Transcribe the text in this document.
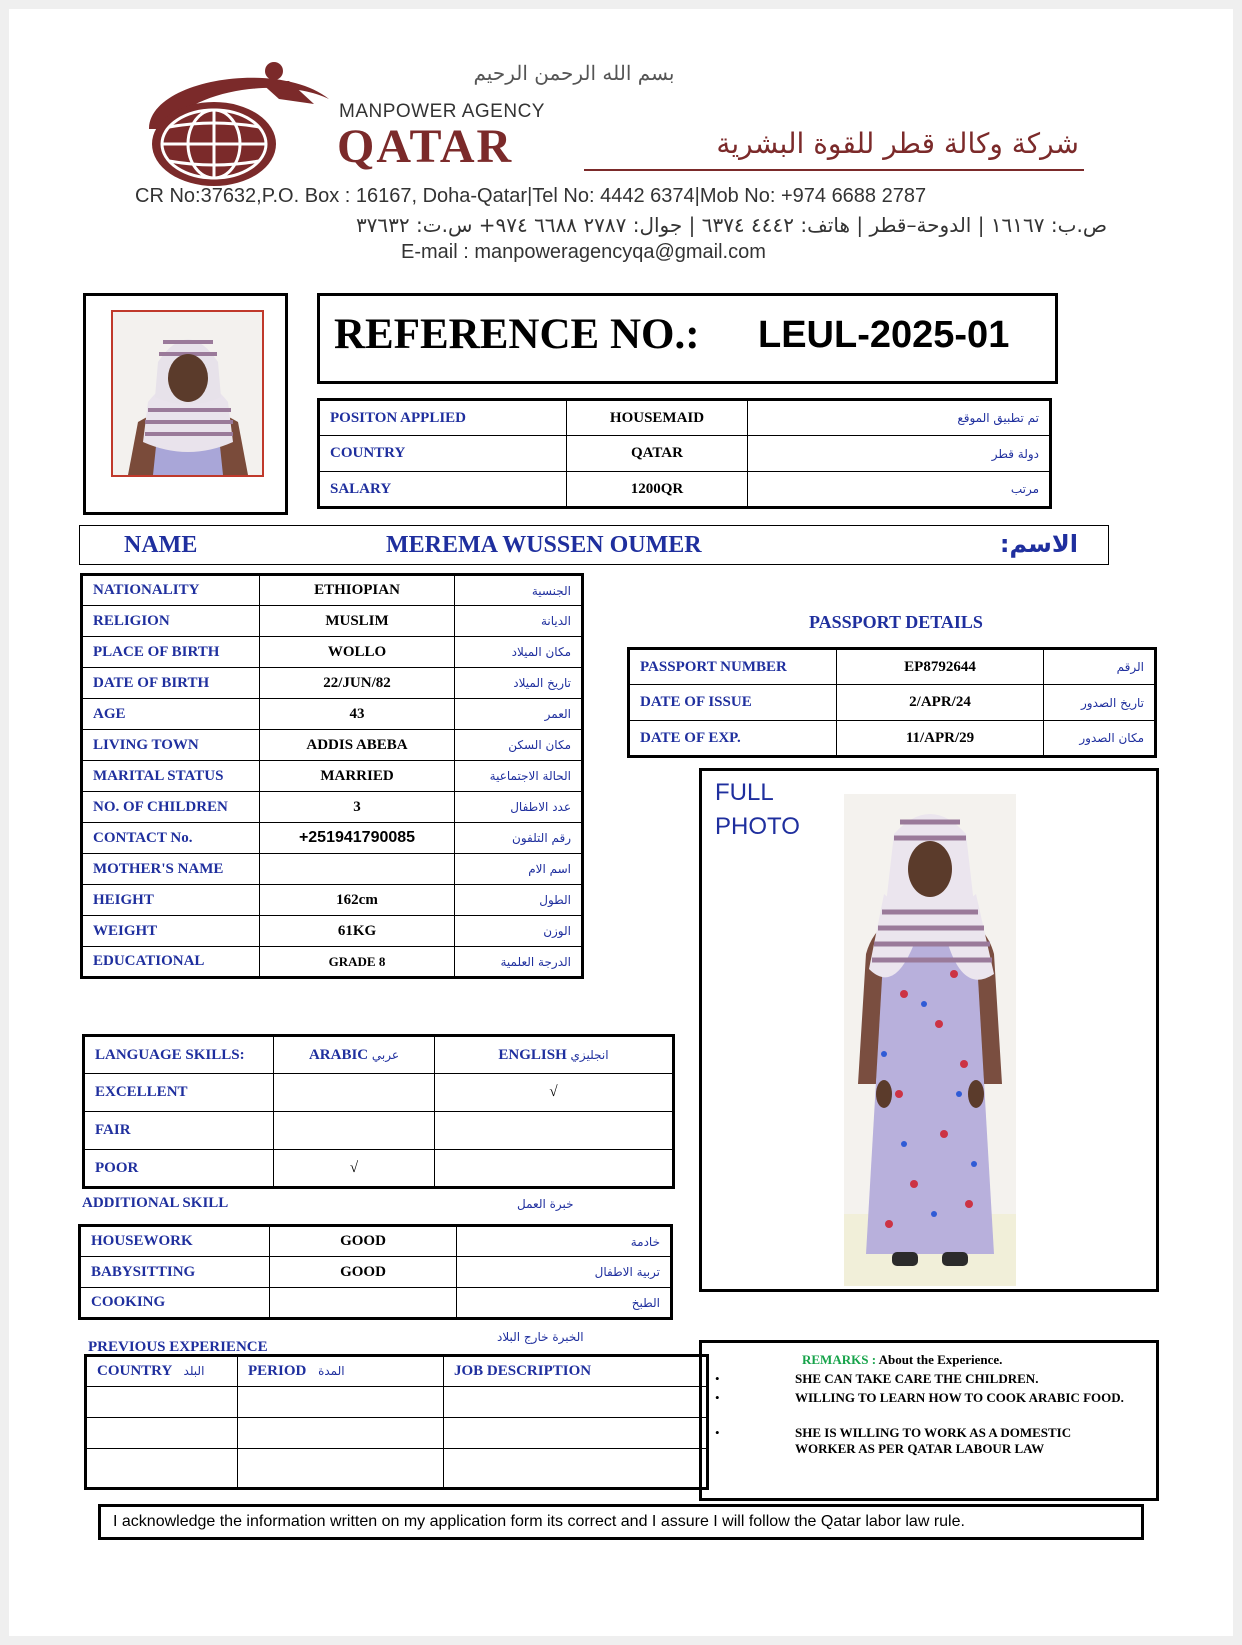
بسم الله الرحمن الرحيم
MANPOWER AGENCY
QATAR	شركة وكالة قطر للقوة البشرية
CR No:37632,P.O. Box : 16167, Doha-Qatar|Tel No: 4442 6374|Mob No: +974 6688 2787
ص.ب: ١٦١٦٧ | الدوحة–قطر | هاتف: ٤٤٤٢ ٦٣٧٤ | جوال: ٢٧٨٧ ٦٦٨٨ ٩٧٤+ س.ت: ٣٧٦٣٢
E-mail : manpoweragencyqa@gmail.com
REFERENCE NO.: LEUL-2025-01
POSITON APPLIED	HOUSEMAID	تم تطبيق الموقع
COUNTRY	QATAR	دولة قطر
SALARY	1200QR	مرتب
NAME	MEREMA WUSSEN OUMER	الاسم:
NATIONALITY	ETHIOPIAN	الجنسية
RELIGION	MUSLIM	الديانة
PLACE OF BIRTH	WOLLO	مكان الميلاد
DATE OF BIRTH	22/JUN/82	تاريخ الميلاد
AGE	43	العمر
LIVING TOWN	ADDIS ABEBA	مكان السكن
MARITAL STATUS	MARRIED	الحالة الاجتماعية
NO. OF CHILDREN	3	عدد الاطفال
CONTACT No.	+251941790085	رقم التلفون
MOTHER'S NAME		اسم الام
HEIGHT	162cm	الطول
WEIGHT	61KG	الوزن
EDUCATIONAL	GRADE 8	الدرجة العلمية
PASSPORT DETAILS
PASSPORT NUMBER	EP8792644	الرقم
DATE OF ISSUE	2/APR/24	تاريخ الصدور
DATE OF EXP.	11/APR/29	مكان الصدور
FULL
PHOTO
LANGUAGE SKILLS:	ARABIC عربي	ENGLISH انجليزي
EXCELLENT		√
FAIR		
POOR	√	
ADDITIONAL SKILL	خبرة العمل
HOUSEWORK	GOOD	خادمة
BABYSITTING	GOOD	تربية الاطفال
COOKING		الطبخ
PREVIOUS EXPERIENCE
الخبرة خارج البلاد
COUNTRY البلد	PERIOD المدة	JOB DESCRIPTION

REMARKS : About the Experience.
•	SHE CAN TAKE CARE THE CHILDREN.
•	WILLING TO LEARN HOW TO COOK ARABIC FOOD.
•	SHE IS WILLING TO WORK AS A DOMESTIC WORKER AS PER QATAR LABOUR LAW
I acknowledge the information written on my application form its correct and I assure I will follow the Qatar labor law rule.
